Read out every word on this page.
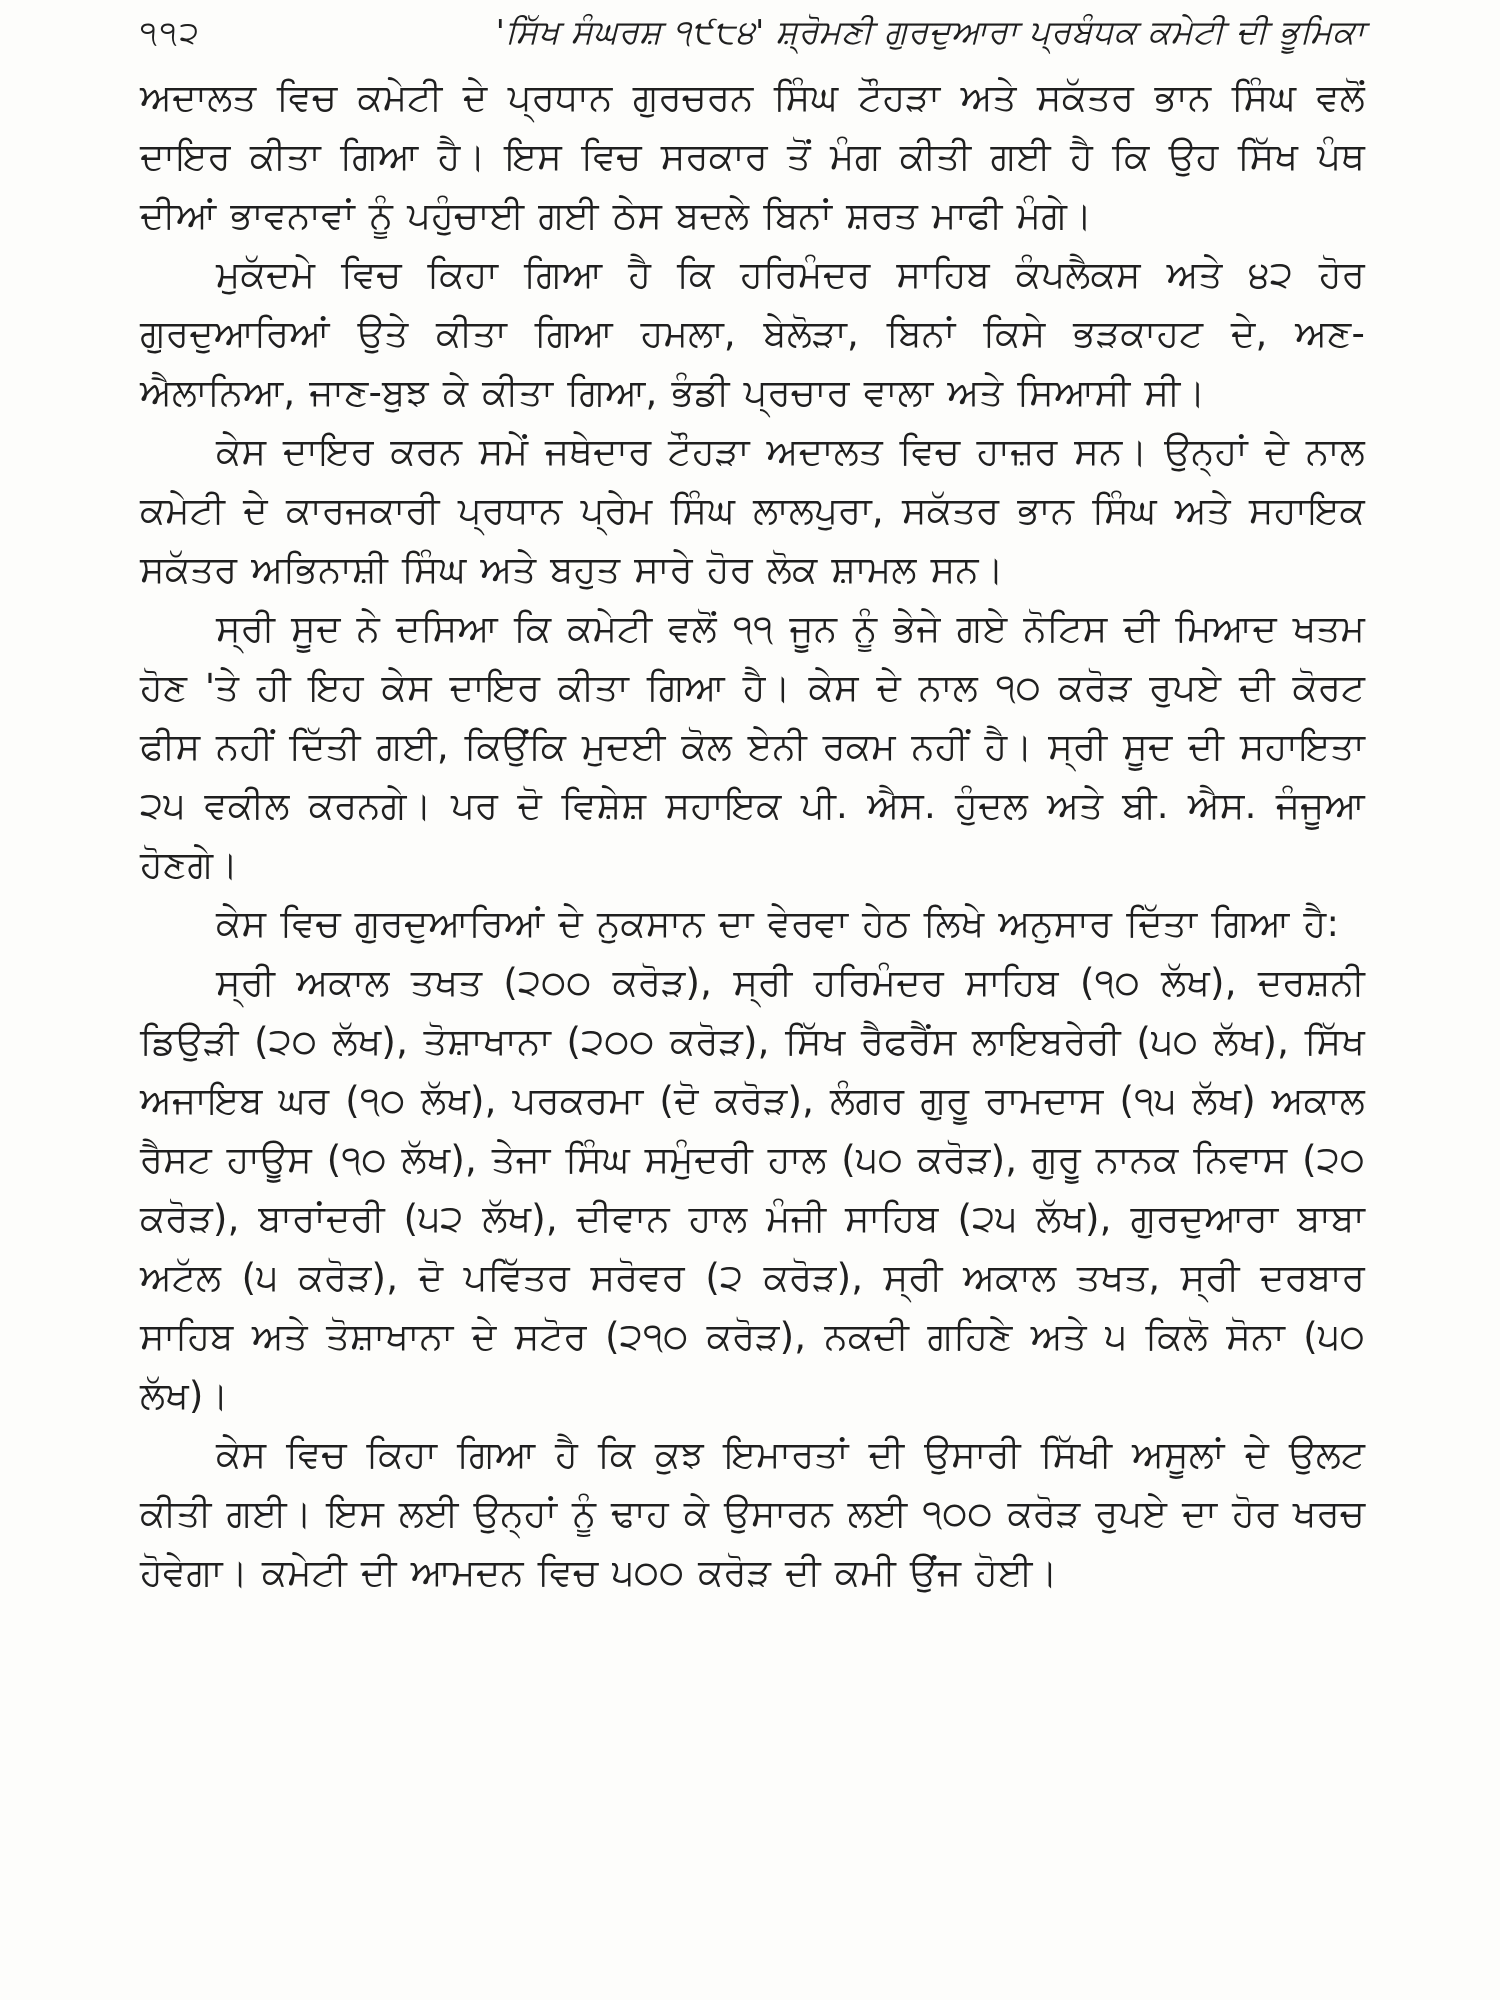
੧੧੨	'ਸਿੱਖ ਸੰਘਰਸ਼ ੧੯੮੪' ਸ਼੍ਰੋਮਣੀ ਗੁਰਦੁਆਰਾ ਪ੍ਰਬੰਧਕ ਕਮੇਟੀ ਦੀ ਭੂਮਿਕਾ

ਅਦਾਲਤ ਵਿਚ ਕਮੇਟੀ ਦੇ ਪ੍ਰਧਾਨ ਗੁਰਚਰਨ ਸਿੰਘ ਟੌਹੜਾ ਅਤੇ ਸਕੱਤਰ ਭਾਨ ਸਿੰਘ ਵਲੋਂ ਦਾਇਰ ਕੀਤਾ ਗਿਆ ਹੈ। ਇਸ ਵਿਚ ਸਰਕਾਰ ਤੋਂ ਮੰਗ ਕੀਤੀ ਗਈ ਹੈ ਕਿ ਉਹ ਸਿੱਖ ਪੰਥ ਦੀਆਂ ਭਾਵਨਾਵਾਂ ਨੂੰ ਪਹੁੰਚਾਈ ਗਈ ਠੇਸ ਬਦਲੇ ਬਿਨਾਂ ਸ਼ਰਤ ਮਾਫੀ ਮੰਗੇ।

ਮੁਕੱਦਮੇ ਵਿਚ ਕਿਹਾ ਗਿਆ ਹੈ ਕਿ ਹਰਿਮੰਦਰ ਸਾਹਿਬ ਕੰਪਲੈਕਸ ਅਤੇ ੪੨ ਹੋਰ ਗੁਰਦੁਆਰਿਆਂ ਉਤੇ ਕੀਤਾ ਗਿਆ ਹਮਲਾ, ਬੇਲੋੜਾ, ਬਿਨਾਂ ਕਿਸੇ ਭੜਕਾਹਟ ਦੇ, ਅਣ-ਐਲਾਨਿਆ, ਜਾਣ-ਬੁਝ ਕੇ ਕੀਤਾ ਗਿਆ, ਭੰਡੀ ਪ੍ਰਚਾਰ ਵਾਲਾ ਅਤੇ ਸਿਆਸੀ ਸੀ।

ਕੇਸ ਦਾਇਰ ਕਰਨ ਸਮੇਂ ਜਥੇਦਾਰ ਟੌਹੜਾ ਅਦਾਲਤ ਵਿਚ ਹਾਜ਼ਰ ਸਨ। ਉਨ੍ਹਾਂ ਦੇ ਨਾਲ ਕਮੇਟੀ ਦੇ ਕਾਰਜਕਾਰੀ ਪ੍ਰਧਾਨ ਪ੍ਰੇਮ ਸਿੰਘ ਲਾਲਪੁਰਾ, ਸਕੱਤਰ ਭਾਨ ਸਿੰਘ ਅਤੇ ਸਹਾਇਕ ਸਕੱਤਰ ਅਭਿਨਾਸ਼ੀ ਸਿੰਘ ਅਤੇ ਬਹੁਤ ਸਾਰੇ ਹੋਰ ਲੋਕ ਸ਼ਾਮਲ ਸਨ।

ਸ੍ਰੀ ਸੂਦ ਨੇ ਦਸਿਆ ਕਿ ਕਮੇਟੀ ਵਲੋਂ ੧੧ ਜੂਨ ਨੂੰ ਭੇਜੇ ਗਏ ਨੋਟਿਸ ਦੀ ਮਿਆਦ ਖਤਮ ਹੋਣ 'ਤੇ ਹੀ ਇਹ ਕੇਸ ਦਾਇਰ ਕੀਤਾ ਗਿਆ ਹੈ। ਕੇਸ ਦੇ ਨਾਲ ੧੦ ਕਰੋੜ ਰੁਪਏ ਦੀ ਕੋਰਟ ਫੀਸ ਨਹੀਂ ਦਿੱਤੀ ਗਈ, ਕਿਉਂਕਿ ਮੁਦਈ ਕੋਲ ਏਨੀ ਰਕਮ ਨਹੀਂ ਹੈ। ਸ੍ਰੀ ਸੂਦ ਦੀ ਸਹਾਇਤਾ ੨੫ ਵਕੀਲ ਕਰਨਗੇ। ਪਰ ਦੋ ਵਿਸ਼ੇਸ਼ ਸਹਾਇਕ ਪੀ. ਐਸ. ਹੁੰਦਲ ਅਤੇ ਬੀ. ਐਸ. ਜੰਜੂਆ ਹੋਣਗੇ।

ਕੇਸ ਵਿਚ ਗੁਰਦੁਆਰਿਆਂ ਦੇ ਨੁਕਸਾਨ ਦਾ ਵੇਰਵਾ ਹੇਠ ਲਿਖੇ ਅਨੁਸਾਰ ਦਿੱਤਾ ਗਿਆ ਹੈ:

ਸ੍ਰੀ ਅਕਾਲ ਤਖਤ (੨੦੦ ਕਰੋੜ), ਸ੍ਰੀ ਹਰਿਮੰਦਰ ਸਾਹਿਬ (੧੦ ਲੱਖ), ਦਰਸ਼ਨੀ ਡਿਉੜੀ (੨੦ ਲੱਖ), ਤੋਸ਼ਾਖਾਨਾ (੨੦੦ ਕਰੋੜ), ਸਿੱਖ ਰੈਫਰੈਂਸ ਲਾਇਬਰੇਰੀ (੫੦ ਲੱਖ), ਸਿੱਖ ਅਜਾਇਬ ਘਰ (੧੦ ਲੱਖ), ਪਰਕਰਮਾ (ਦੋ ਕਰੋੜ), ਲੰਗਰ ਗੁਰੂ ਰਾਮਦਾਸ (੧੫ ਲੱਖ) ਅਕਾਲ ਰੈਸਟ ਹਾਊਸ (੧੦ ਲੱਖ), ਤੇਜਾ ਸਿੰਘ ਸਮੁੰਦਰੀ ਹਾਲ (੫੦ ਕਰੋੜ), ਗੁਰੂ ਨਾਨਕ ਨਿਵਾਸ (੨੦ ਕਰੋੜ), ਬਾਰਾਂਦਰੀ (੫੨ ਲੱਖ), ਦੀਵਾਨ ਹਾਲ ਮੰਜੀ ਸਾਹਿਬ (੨੫ ਲੱਖ), ਗੁਰਦੁਆਰਾ ਬਾਬਾ ਅਟੱਲ (੫ ਕਰੋੜ), ਦੋ ਪਵਿੱਤਰ ਸਰੋਵਰ (੨ ਕਰੋੜ), ਸ੍ਰੀ ਅਕਾਲ ਤਖਤ, ਸ੍ਰੀ ਦਰਬਾਰ ਸਾਹਿਬ ਅਤੇ ਤੋਸ਼ਾਖਾਨਾ ਦੇ ਸਟੋਰ (੨੧੦ ਕਰੋੜ), ਨਕਦੀ ਗਹਿਣੇ ਅਤੇ ੫ ਕਿਲੋ ਸੋਨਾ (੫੦ ਲੱਖ)।

ਕੇਸ ਵਿਚ ਕਿਹਾ ਗਿਆ ਹੈ ਕਿ ਕੁਝ ਇਮਾਰਤਾਂ ਦੀ ਉਸਾਰੀ ਸਿੱਖੀ ਅਸੂਲਾਂ ਦੇ ਉਲਟ ਕੀਤੀ ਗਈ। ਇਸ ਲਈ ਉਨ੍ਹਾਂ ਨੂੰ ਢਾਹ ਕੇ ਉਸਾਰਨ ਲਈ ੧੦੦ ਕਰੋੜ ਰੁਪਏ ਦਾ ਹੋਰ ਖਰਚ ਹੋਵੇਗਾ। ਕਮੇਟੀ ਦੀ ਆਮਦਨ ਵਿਚ ੫੦੦ ਕਰੋੜ ਦੀ ਕਮੀ ਉਂਜ ਹੋਈ।
